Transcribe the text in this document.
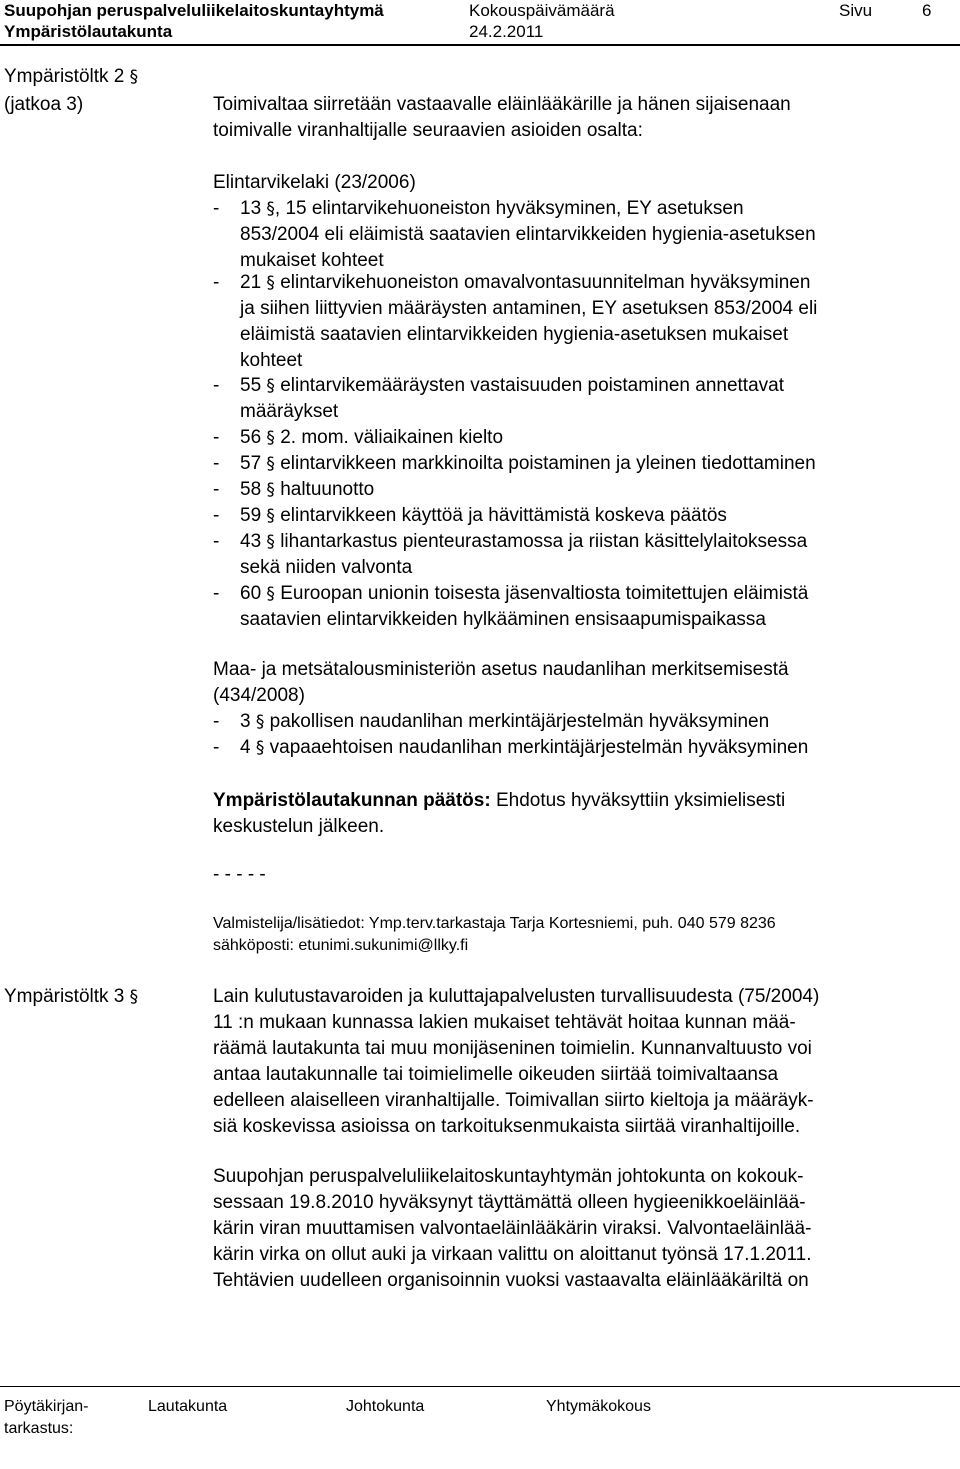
Suupohjan peruspalveluliikelaitoskuntayhtymä	Kokouspäivämäärä	Sivu	6
Ympäristölautakunta	24.2.2011
Ympäristöltk 2 §
(jatkoa 3)	Toimivaltaa siirretään vastaavalle eläinlääkärille ja hänen sijaisenaan
toimivalle viranhaltijalle seuraavien asioiden osalta:
Elintarvikelaki (23/2006)
- 13 §, 15 elintarvikehuoneiston hyväksyminen, EY asetuksen
853/2004 eli eläimistä saatavien elintarvikkeiden hygienia-asetuksen
mukaiset kohteet
- 21 § elintarvikehuoneiston omavalvontasuunnitelman hyväksyminen
ja siihen liittyvien määräysten antaminen, EY asetuksen 853/2004 eli
eläimistä saatavien elintarvikkeiden hygienia-asetuksen mukaiset
kohteet
- 55 § elintarvikemääräysten vastaisuuden poistaminen annettavat
määräykset
- 56 § 2. mom. väliaikainen kielto
- 57 § elintarvikkeen markkinoilta poistaminen ja yleinen tiedottaminen
- 58 § haltuunotto
- 59 § elintarvikkeen käyttöä ja hävittämistä koskeva päätös
- 43 § lihantarkastus pienteurastamossa ja riistan käsittelylaitoksessa
sekä niiden valvonta
- 60 § Euroopan unionin toisesta jäsenvaltiosta toimitettujen eläimistä
saatavien elintarvikkeiden hylkääminen ensisaapumispaikassa
Maa- ja metsätalousministeriön asetus naudanlihan merkitsemisestä
(434/2008)
- 3 § pakollisen naudanlihan merkintäjärjestelmän hyväksyminen
- 4 § vapaaehtoisen naudanlihan merkintäjärjestelmän hyväksyminen
Ympäristölautakunnan päätös: Ehdotus hyväksyttiin yksimielisesti
keskustelun jälkeen.
- - - - -
Valmistelija/lisätiedot: Ymp.terv.tarkastaja Tarja Kortesniemi, puh. 040 579 8236
sähköposti: etunimi.sukunimi@llky.fi
Ympäristöltk 3 §	Lain kulutustavaroiden ja kuluttajapalvelusten turvallisuudesta (75/2004)
11 :n mukaan kunnassa lakien mukaiset tehtävät hoitaa kunnan mää-
räämä lautakunta tai muu monijäseninen toimielin. Kunnanvaltuusto voi
antaa lautakunnalle tai toimielimelle oikeuden siirtää toimivaltaansa
edelleen alaiselleen viranhaltijalle. Toimivallan siirto kieltoja ja määräyk-
siä koskevissa asioissa on tarkoituksenmukaista siirtää viranhaltijoille.
Suupohjan peruspalveluliikelaitoskuntayhtymän johtokunta on kokouk-
sessaan 19.8.2010 hyväksynyt täyttämättä olleen hygieenikkoeläinlää-
kärin viran muuttamisen valvontaeläinlääkärin viraksi. Valvontaeläinlää-
kärin virka on ollut auki ja virkaan valittu on aloittanut työnsä 17.1.2011.
Tehtävien uudelleen organisoinnin vuoksi vastaavalta eläinlääkäriltä on
Pöytäkirjan-
tarkastus:
Lautakunta	Johtokunta	Yhtymäkokous
